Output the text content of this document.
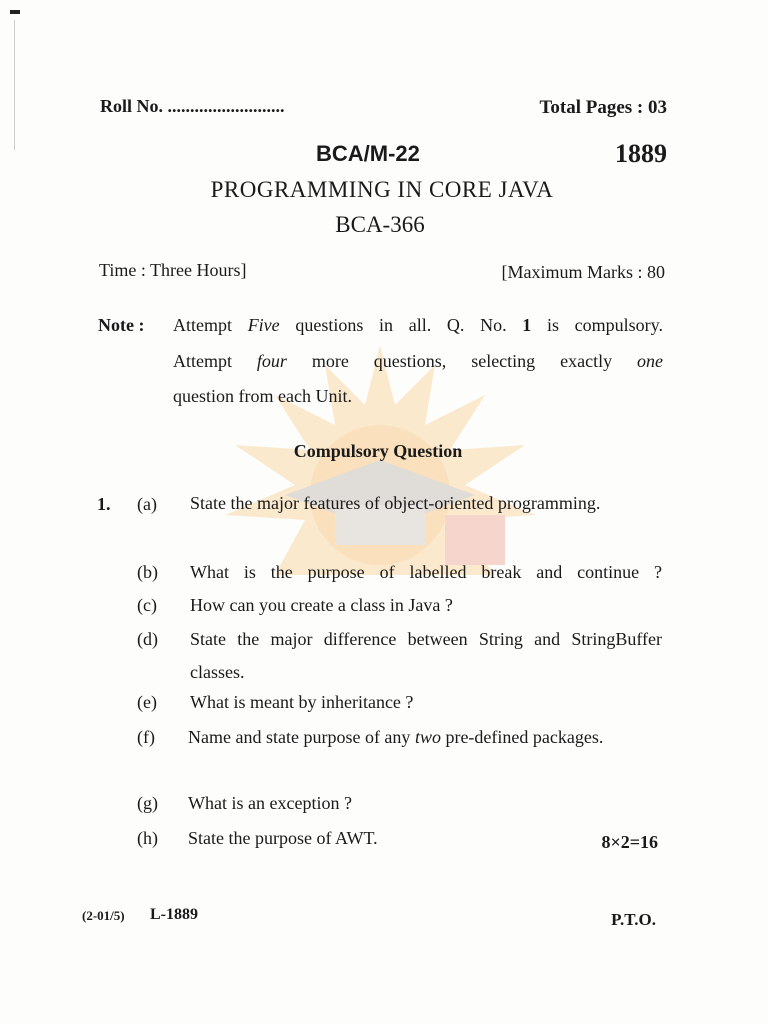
Roll No. ..........................	Total Pages : 03
BCA/M-22	1889
PROGRAMMING IN CORE JAVA
BCA-366
Time : Three Hours]	[Maximum Marks : 80
Note : Attempt Five questions in all. Q. No. 1 is compulsory.
Attempt four more questions, selecting exactly one
question from each Unit.
Compulsory Question
1. (a) State the major features of object-oriented programming.
(b) What is the purpose of labelled break and continue ?
(c) How can you create a class in Java ?
(d) State the major difference between String and StringBuffer classes.
(e) What is meant by inheritance ?
(f) Name and state purpose of any two pre-defined packages.
(g) What is an exception ?
(h) State the purpose of AWT.	8×2=16
(2-01/5) L-1889	P.T.O.
